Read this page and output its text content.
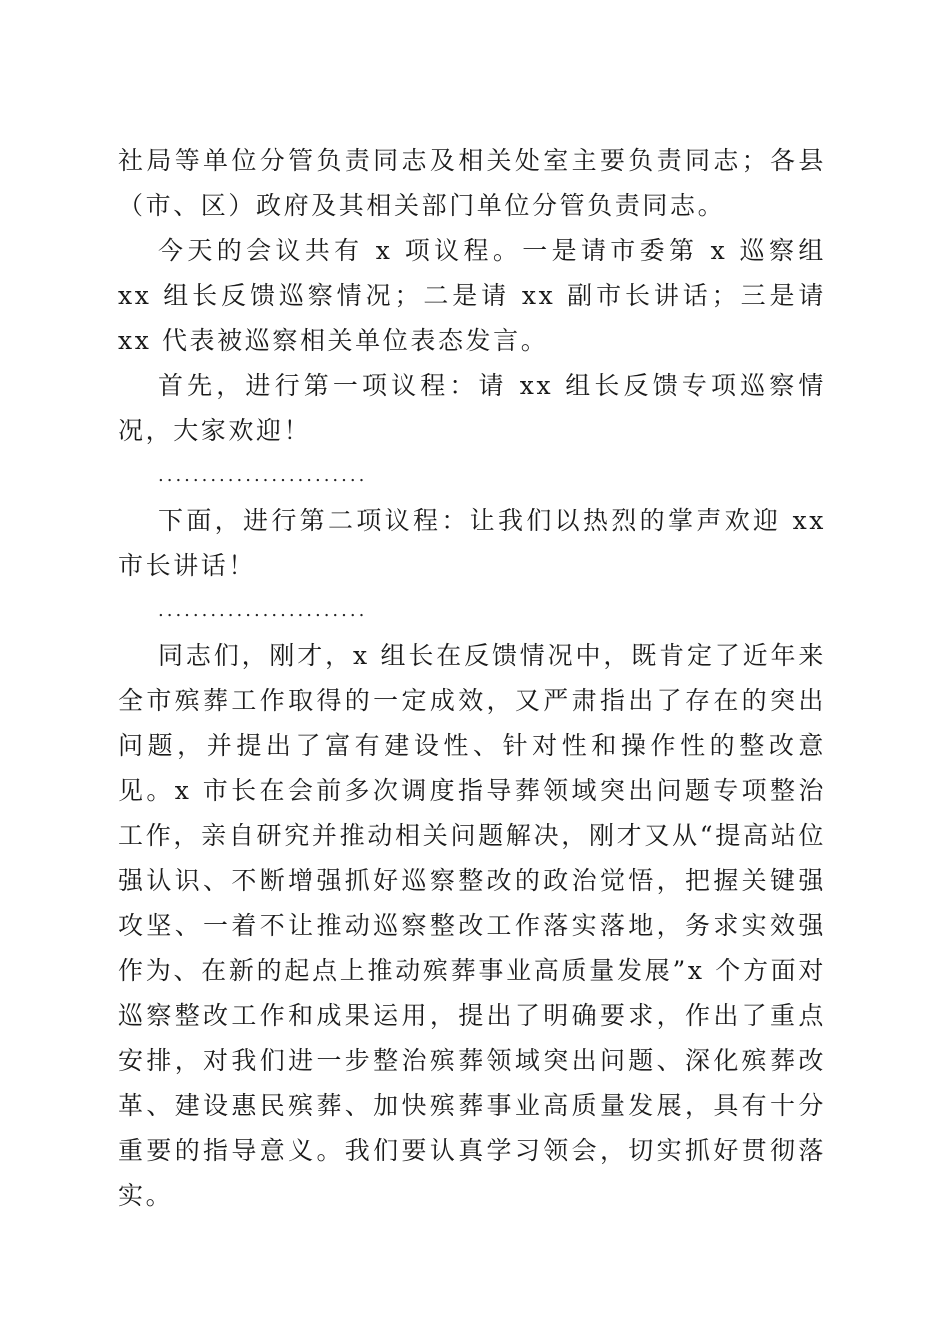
社局等单位分管负责同志及相关处室主要负责同志；各县（市、区）政府及其相关部门单位分管负责同志。

今天的会议共有 x 项议程。一是请市委第 x 巡察组 xx 组长反馈巡察情况；二是请 xx 副市长讲话；三是请 xx 代表被巡察相关单位表态发言。

首先，进行第一项议程：请 xx 组长反馈专项巡察情况，大家欢迎！

........................

下面，进行第二项议程：让我们以热烈的掌声欢迎 xx 市长讲话！

........................

同志们，刚才，x 组长在反馈情况中，既肯定了近年来全市殡葬工作取得的一定成效，又严肃指出了存在的突出问题，并提出了富有建设性、针对性和操作性的整改意见。x 市长在会前多次调度指导葬领域突出问题专项整治工作，亲自研究并推动相关问题解决，刚才又从“提高站位强认识、不断增强抓好巡察整改的政治觉悟，把握关键强攻坚、一着不让推动巡察整改工作落实落地，务求实效强作为、在新的起点上推动殡葬事业高质量发展”x 个方面对巡察整改工作和成果运用，提出了明确要求，作出了重点安排，对我们进一步整治殡葬领域突出问题、深化殡葬改革、建设惠民殡葬、加快殡葬事业高质量发展，具有十分重要的指导意义。我们要认真学习领会，切实抓好贯彻落实。
